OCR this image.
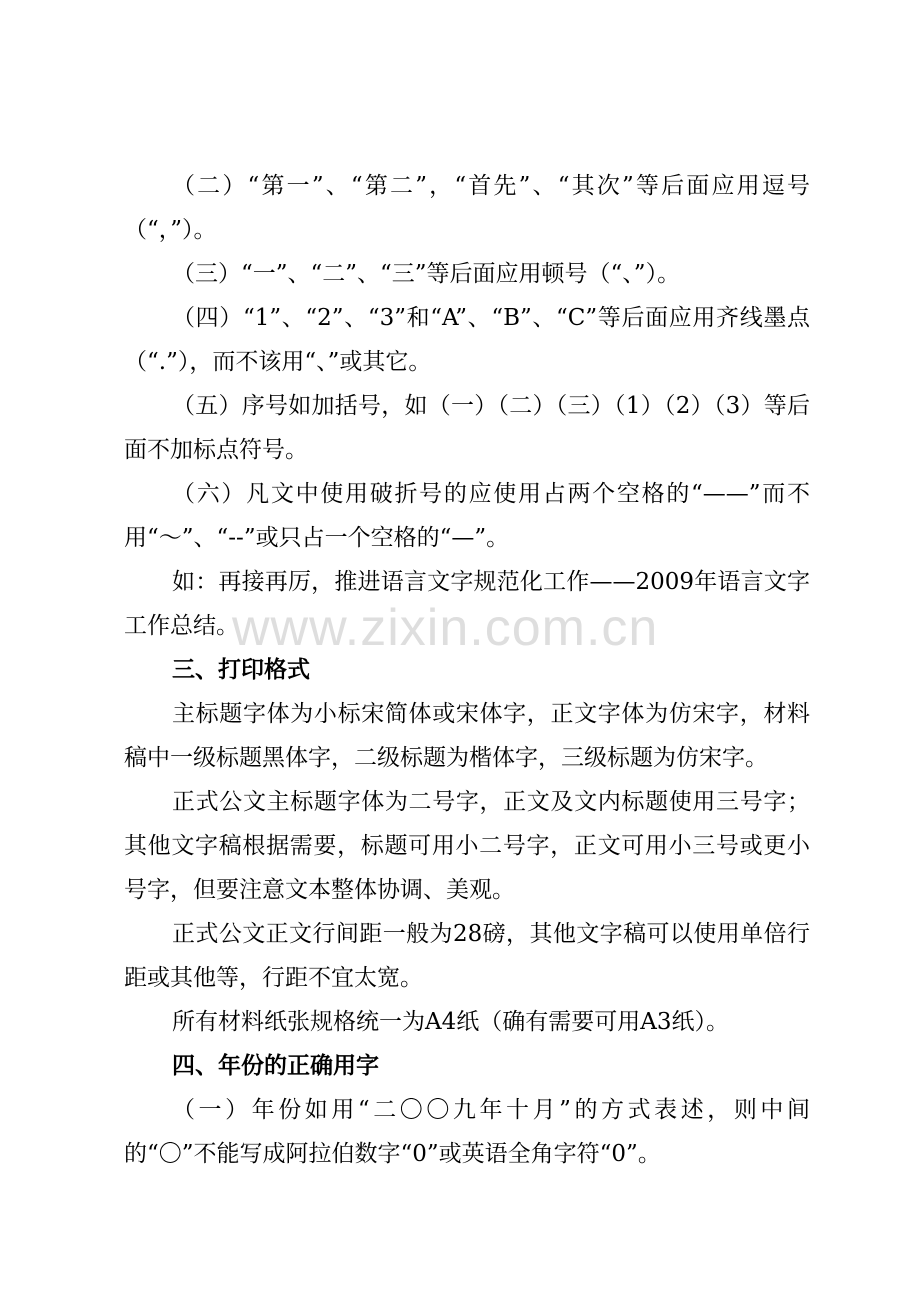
（二）“第一”、“第二”，“首先”、“其次”等后面应用逗号（“，”）。

（三）“一”、“二”、“三”等后面应用顿号（“、”）。

（四）“1”、“2”、“3”和“A”、“B”、“C”等后面应用齐线墨点（“.”），而不该用“、”或其它。

（五）序号如加括号，如（一）（二）（三）（1）（2）（3）等后面不加标点符号。

（六）凡文中使用破折号的应使用占两个空格的“——”而不用“～”、“--”或只占一个空格的“—”。

如：再接再厉，推进语言文字规范化工作——2009年语言文字工作总结。

三、打印格式

主标题字体为小标宋简体或宋体字，正文字体为仿宋字，材料稿中一级标题黑体字，二级标题为楷体字，三级标题为仿宋字。

正式公文主标题字体为二号字，正文及文内标题使用三号字；其他文字稿根据需要，标题可用小二号字，正文可用小三号或更小号字，但要注意文本整体协调、美观。

正式公文正文行间距一般为28磅，其他文字稿可以使用单倍行距或其他等，行距不宜太宽。

所有材料纸张规格统一为A4纸（确有需要可用A3纸）。

四、年份的正确用字

（一）年份如用“二〇〇九年十月”的方式表述，则中间的“〇”不能写成阿拉伯数字“0”或英语全角字符“0”。

www.zixin.com.cn
